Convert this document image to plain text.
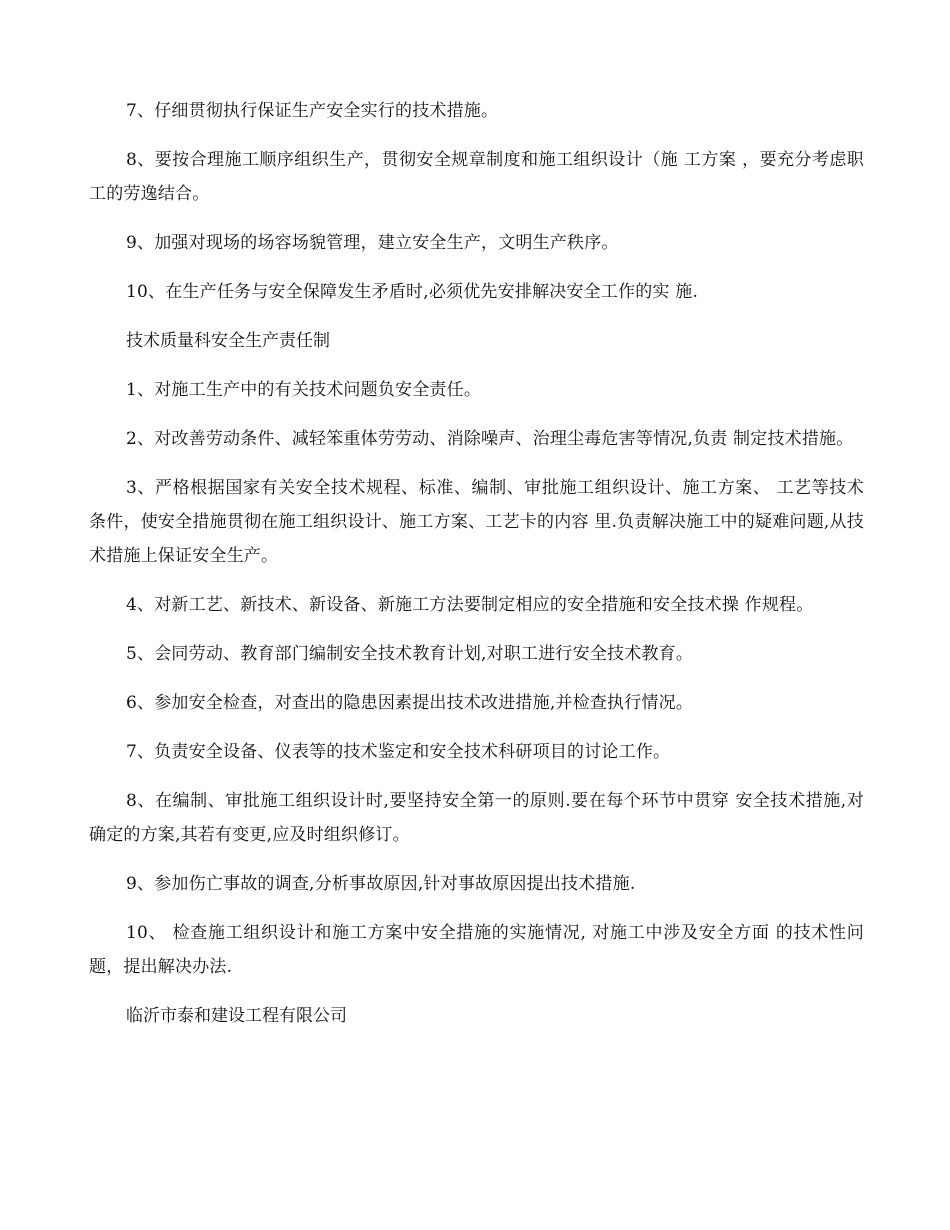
7、仔细贯彻执行保证生产安全实行的技术措施。

8、要按合理施工顺序组织生产，贯彻安全规章制度和施工组织设计（施 工方案 ，要充分考虑职工的劳逸结合。

9、加强对现场的场容场貌管理，建立安全生产，文明生产秩序。

10、在生产任务与安全保障发生矛盾时,必须优先安排解决安全工作的实 施.

技术质量科安全生产责任制

1、对施工生产中的有关技术问题负安全责任。

2、对改善劳动条件、减轻笨重体劳劳动、消除噪声、治理尘毒危害等情况,负责 制定技术措施。

3、严格根据国家有关安全技术规程、标准、编制、审批施工组织设计、施工方案、 工艺等技术条件，使安全措施贯彻在施工组织设计、施工方案、工艺卡的内容 里.负责解决施工中的疑难问题,从技术措施上保证安全生产。

4、对新工艺、新技术、新设备、新施工方法要制定相应的安全措施和安全技术操 作规程。

5、会同劳动、教育部门编制安全技术教育计划,对职工进行安全技术教育。

6、参加安全检查，对查出的隐患因素提出技术改进措施,并检查执行情况。

7、负责安全设备、仪表等的技术鉴定和安全技术科研项目的讨论工作。

8、在编制、审批施工组织设计时,要坚持安全第一的原则.要在每个环节中贯穿 安全技术措施,对确定的方案,其若有变更,应及时组织修订。

9、参加伤亡事故的调查,分析事故原因,针对事故原因提出技术措施.

10、 检查施工组织设计和施工方案中安全措施的实施情况, 对施工中涉及安全方面 的技术性问题，提出解决办法.

临沂市泰和建设工程有限公司
